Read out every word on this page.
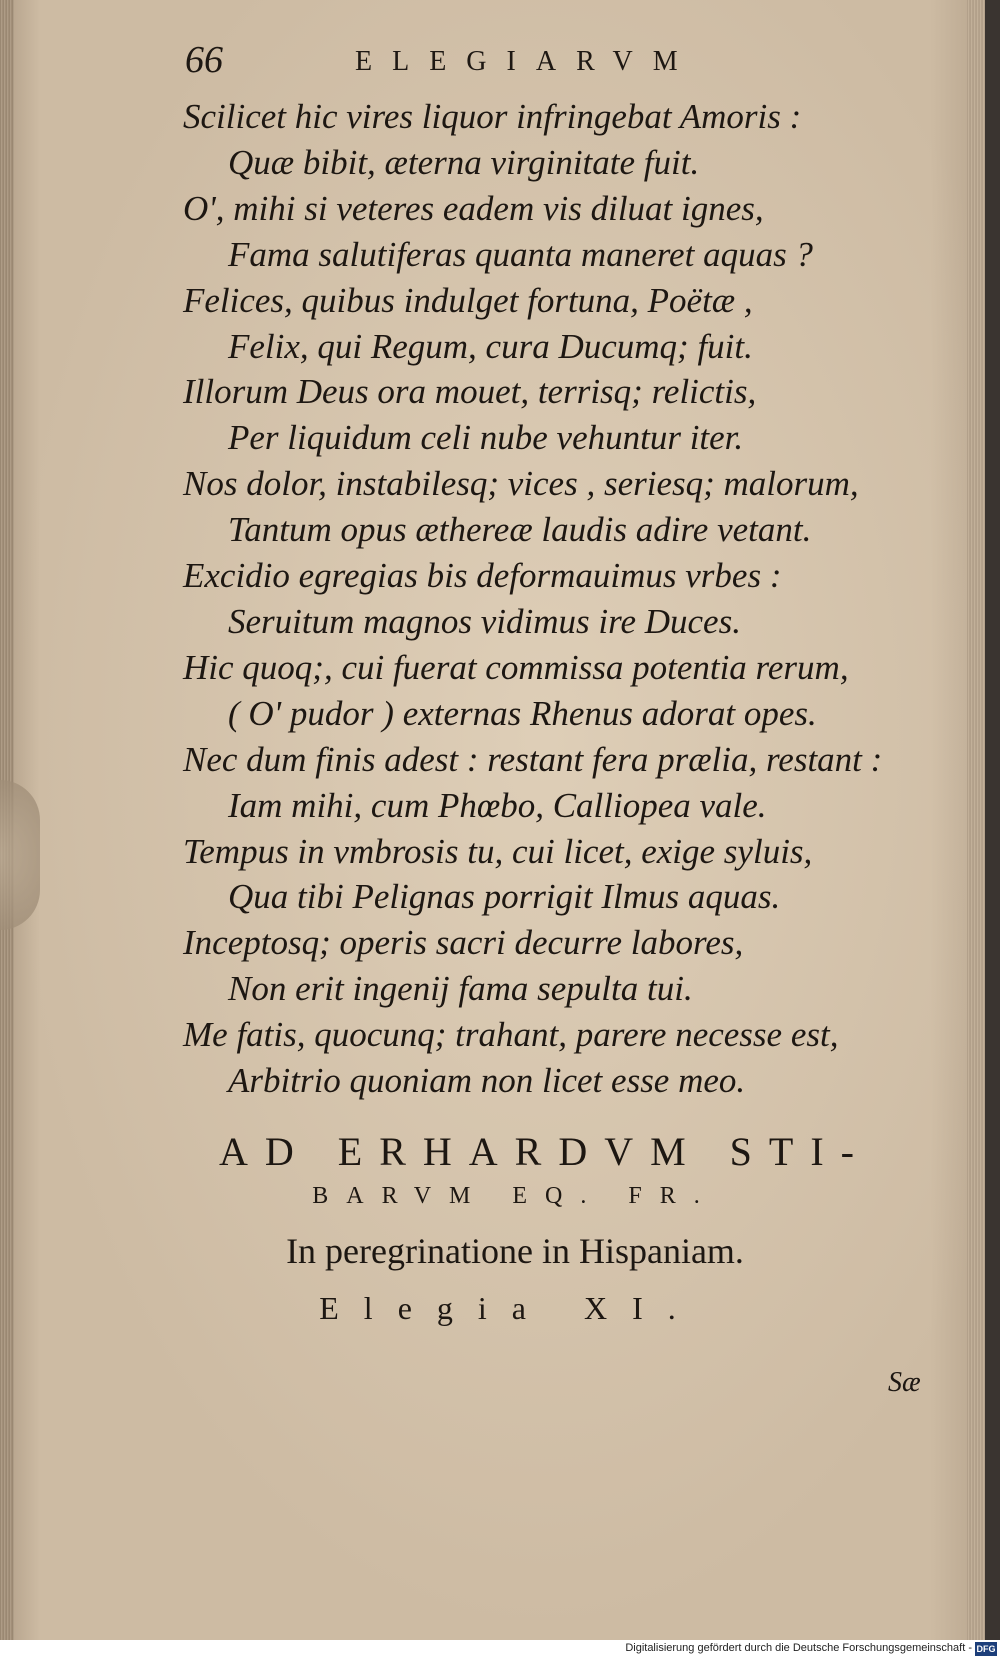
66	ELEGIARVM
Scilicet hic vires liquor infringebat Amoris :
Quæ bibit, æterna virginitate fuit.
O', mihi si veteres eadem vis diluat ignes,
Fama salutiferas quanta maneret aquas ?
Felices, quibus indulget fortuna, Poëtæ ,
Felix, qui Regum, cura Ducumq; fuit.
Illorum Deus ora mouet, terrisq; relictis,
Per liquidum celi nube vehuntur iter.
Nos dolor, instabilesq; vices , seriesq; malorum,
Tantum opus æthereæ laudis adire vetant.
Excidio egregias bis deformauimus vrbes :
Seruitum magnos vidimus ire Duces.
Hic quoq;, cui fuerat commissa potentia rerum,
( O' pudor ) externas Rhenus adorat opes.
Nec dum finis adest : restant fera prælia, restant :
Iam mihi, cum Phœbo, Calliopea vale.
Tempus in vmbrosis tu, cui licet, exige syluis,
Qua tibi Pelignas porrigit Ilmus aquas.
Inceptosq; operis sacri decurre labores,
Non erit ingenij fama sepulta tui.
Me fatis, quocunq; trahant, parere necesse est,
Arbitrio quoniam non licet esse meo.
AD ERHARDVM STI-
BARVM EQ. FR.
In peregrinatione in Hispaniam.
Elegia XI.
Sæ
Digitalisierung gefördert durch die Deutsche Forschungsgemeinschaft - DFG
